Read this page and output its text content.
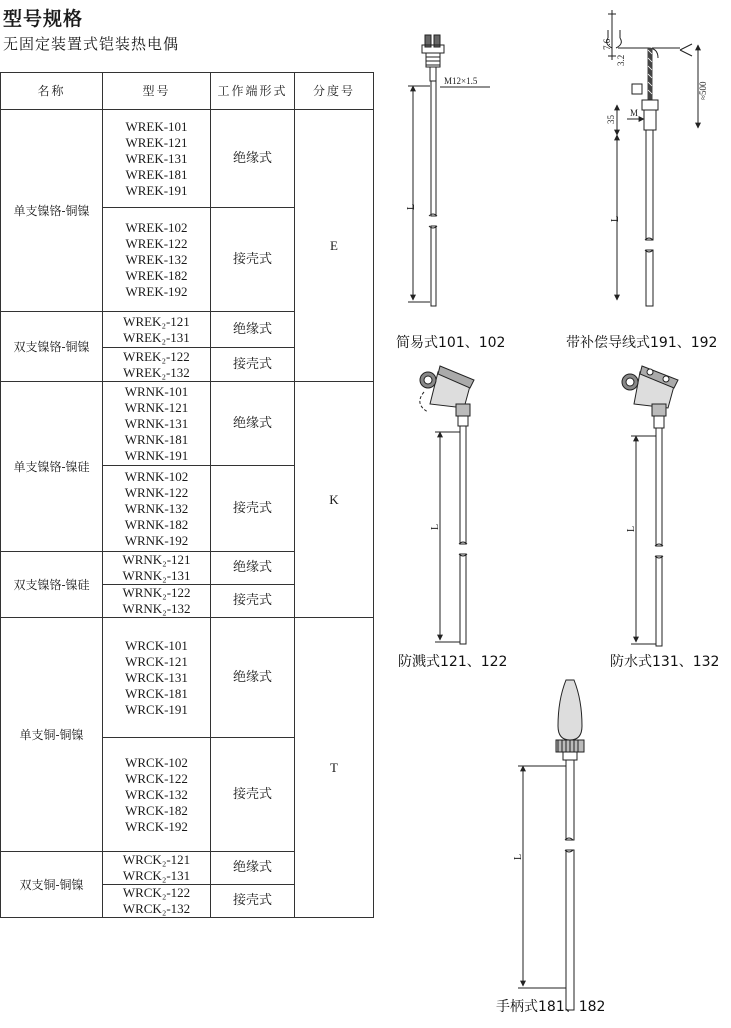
型号规格
无固定装置式铠装热电偶
名称	型号	工作端形式	分度号
单支镍铬-铜镍	WREK-101
WREK-121
WREK-131
WREK-181
WREK-191	绝缘式	E

	WREK-102
WREK-122
WREK-132
WREK-182
WREK-192	接壳式	
双支镍铬-铜镍	WREK₂-121
WREK₂-131	绝缘式	

	WREK₂-122
WREK₂-132	接壳式	
单支镍铬-镍硅	WRNK-101
WRNK-121
WRNK-131
WRNK-181
WRNK-191	绝缘式	K

	WRNK-102
WRNK-122
WRNK-132
WRNK-182
WRNK-192	接壳式	
双支镍铬-镍硅	WRNK₂-121
WRNK₂-131	绝缘式	

	WRNK₂-122
WRNK₂-132	接壳式	
单支铜-铜镍	WRCK-101
WRCK-121
WRCK-131
WRCK-181
WRCK-191	绝缘式	T

	WRCK-102
WRCK-122
WRCK-132
WRCK-182
WRCK-192	接壳式	
双支铜-铜镍	WRCK₂-121
WRCK₂-131	绝缘式	

	WRCK₂-122
WRCK₂-132	接壳式	
L
M12×1.5
7.6
3.2
≈500
35
M
L
带补偿导线式191、192
简易式101、102
L
防溅式121、122
L
防水式131、132
L
手柄式181、182
